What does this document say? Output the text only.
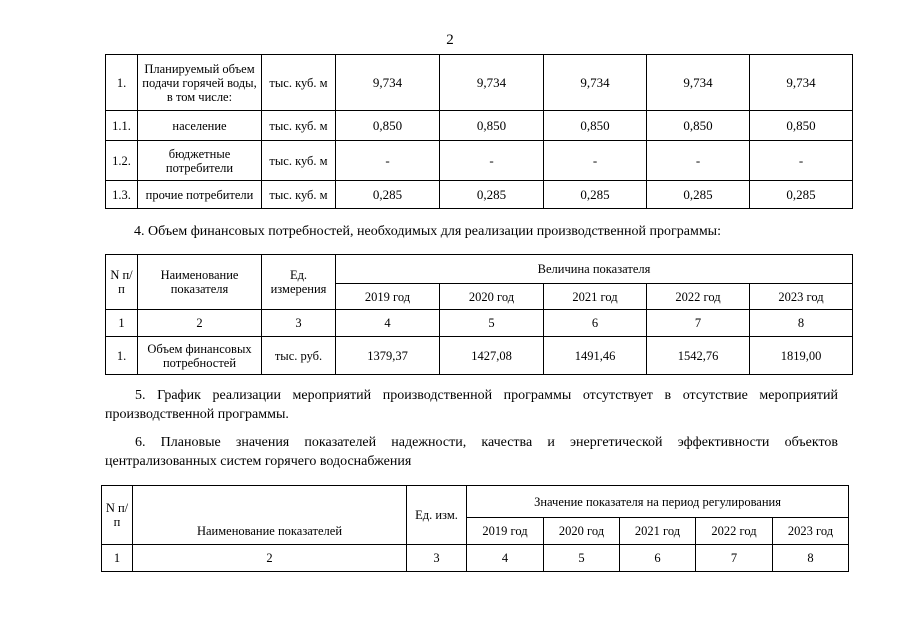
2
1.	Планируемый объем подачи горячей воды, в том числе:	тыс. куб. м	9,734	9,734	9,734	9,734	9,734
1.1.	население	тыс. куб. м	0,850	0,850	0,850	0,850	0,850
1.2.	бюджетные потребители	тыс. куб. м	-	-	-	-	-
1.3.	прочие потребители	тыс. куб. м	0,285	0,285	0,285	0,285	0,285
4. Объем финансовых потребностей, необходимых для реализации производственной программы:
N п/п	Наименование показателя	Ед. измерения	Величина показателя				
			2019 год	2020 год	2021 год	2022 год	2023 год
1	2	3	4	5	6	7	8
1.	Объем финансовых потребностей	тыс. руб.	1379,37	1427,08	1491,46	1542,76	1819,00
5. График реализации мероприятий производственной программы отсутствует в отсутствие мероприятий производственной программы.
6. Плановые значения показателей надежности, качества и энергетической эффективности объектов централизованных систем горячего водоснабжения
N п/п	Наименование показателей	Ед. изм.	Значение показателя на период регулирования				
			2019 год	2020 год	2021 год	2022 год	2023 год
1	2	3	4	5	6	7	8
